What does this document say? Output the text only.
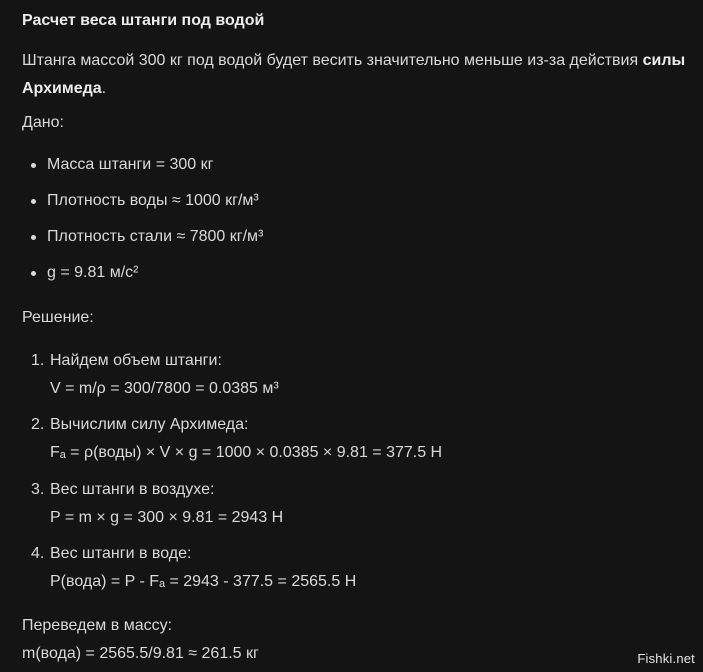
Расчет веса штанги под водой
Штанга массой 300 кг под водой будет весить значительно меньше из-за действия силы Архимеда.
Дано:
Масса штанги = 300 кг
Плотность воды ≈ 1000 кг/м³
Плотность стали ≈ 7800 кг/м³
g = 9.81 м/с²
Решение:
1. Найдем объем штанги:
V = m/ρ = 300/7800 = 0.0385 м³
2. Вычислим силу Архимеда:
Fₐ = ρ(воды) × V × g = 1000 × 0.0385 × 9.81 = 377.5 Н
3. Вес штанги в воздухе:
P = m × g = 300 × 9.81 = 2943 Н
4. Вес штанги в воде:
P(вода) = P - Fₐ = 2943 - 377.5 = 2565.5 Н
Переведем в массу:
m(вода) = 2565.5/9.81 ≈ 261.5 кг	Fishki.net
